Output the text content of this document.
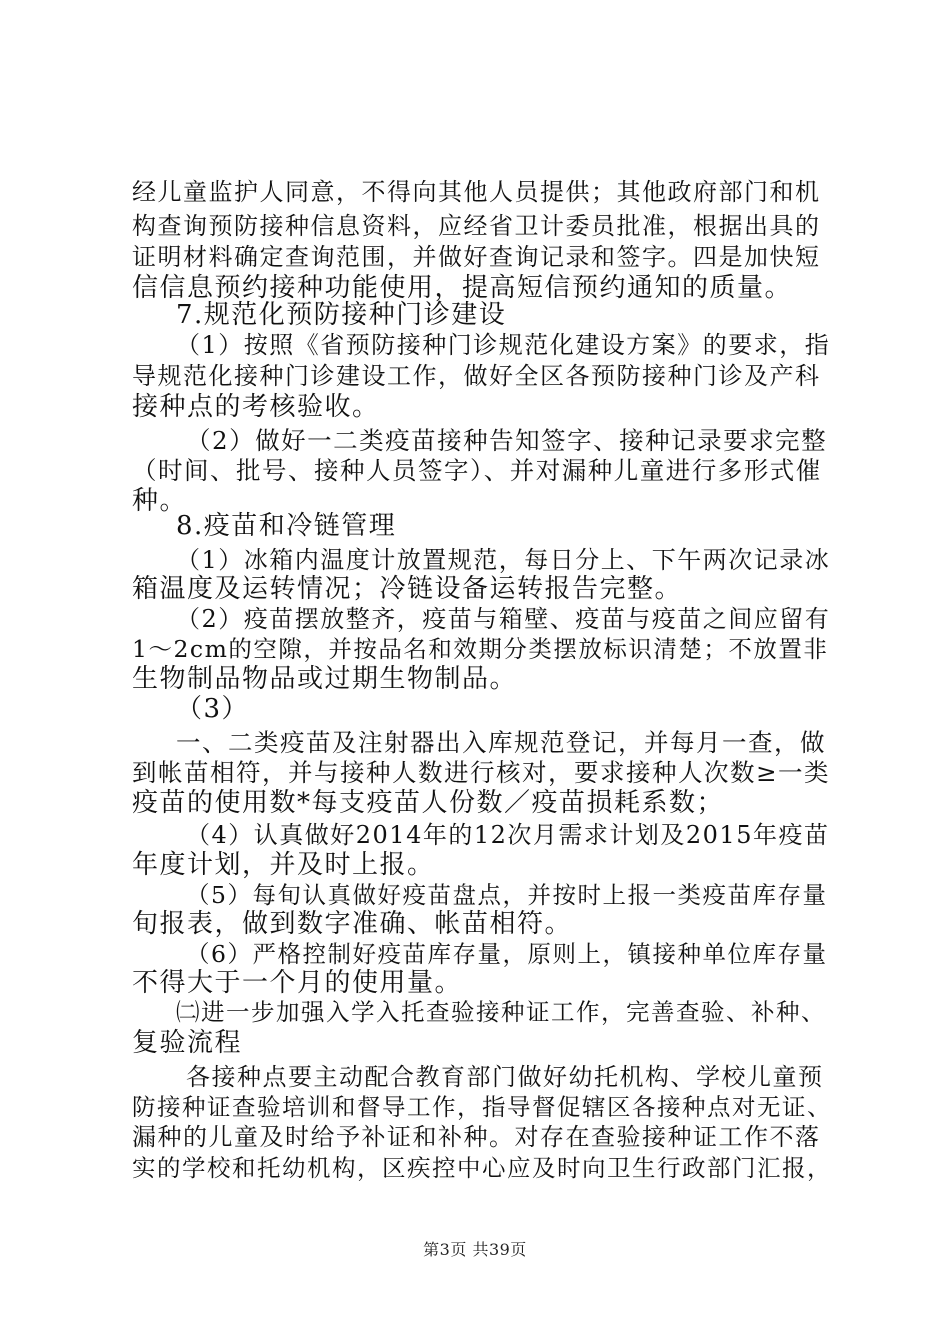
经儿童监护人同意，不得向其他人员提供；其他政府部门和机
构查询预防接种信息资料，应经省卫计委员批准，根据出具的
证明材料确定查询范围，并做好查询记录和签字。四是加快短
信信息预约接种功能使用，提高短信预约通知的质量。
7.规范化预防接种门诊建设
（1）按照《省预防接种门诊规范化建设方案》的要求，指
导规范化接种门诊建设工作，做好全区各预防接种门诊及产科
接种点的考核验收。
（2）做好一二类疫苗接种告知签字、接种记录要求完整
（时间、批号、接种人员签字）、并对漏种儿童进行多形式催
种。
8.疫苗和冷链管理
（1）冰箱内温度计放置规范，每日分上、下午两次记录冰
箱温度及运转情况；冷链设备运转报告完整。
（2）疫苗摆放整齐，疫苗与箱壁、疫苗与疫苗之间应留有
1～2cm的空隙，并按品名和效期分类摆放标识清楚；不放置非
生物制品物品或过期生物制品。
（3）
一、二类疫苗及注射器出入库规范登记，并每月一查，做
到帐苗相符，并与接种人数进行核对，要求接种人次数≥一类
疫苗的使用数*每支疫苗人份数／疫苗损耗系数；
（4）认真做好2014年的12次月需求计划及2015年疫苗
年度计划，并及时上报。
（5）每旬认真做好疫苗盘点，并按时上报一类疫苗库存量
旬报表，做到数字准确、帐苗相符。
（6）严格控制好疫苗库存量，原则上，镇接种单位库存量
不得大于一个月的使用量。
㈡进一步加强入学入托查验接种证工作，完善查验、补种、
复验流程
各接种点要主动配合教育部门做好幼托机构、学校儿童预
防接种证查验培训和督导工作，指导督促辖区各接种点对无证、
漏种的儿童及时给予补证和补种。对存在查验接种证工作不落
实的学校和托幼机构，区疾控中心应及时向卫生行政部门汇报，
第3页 共39页
